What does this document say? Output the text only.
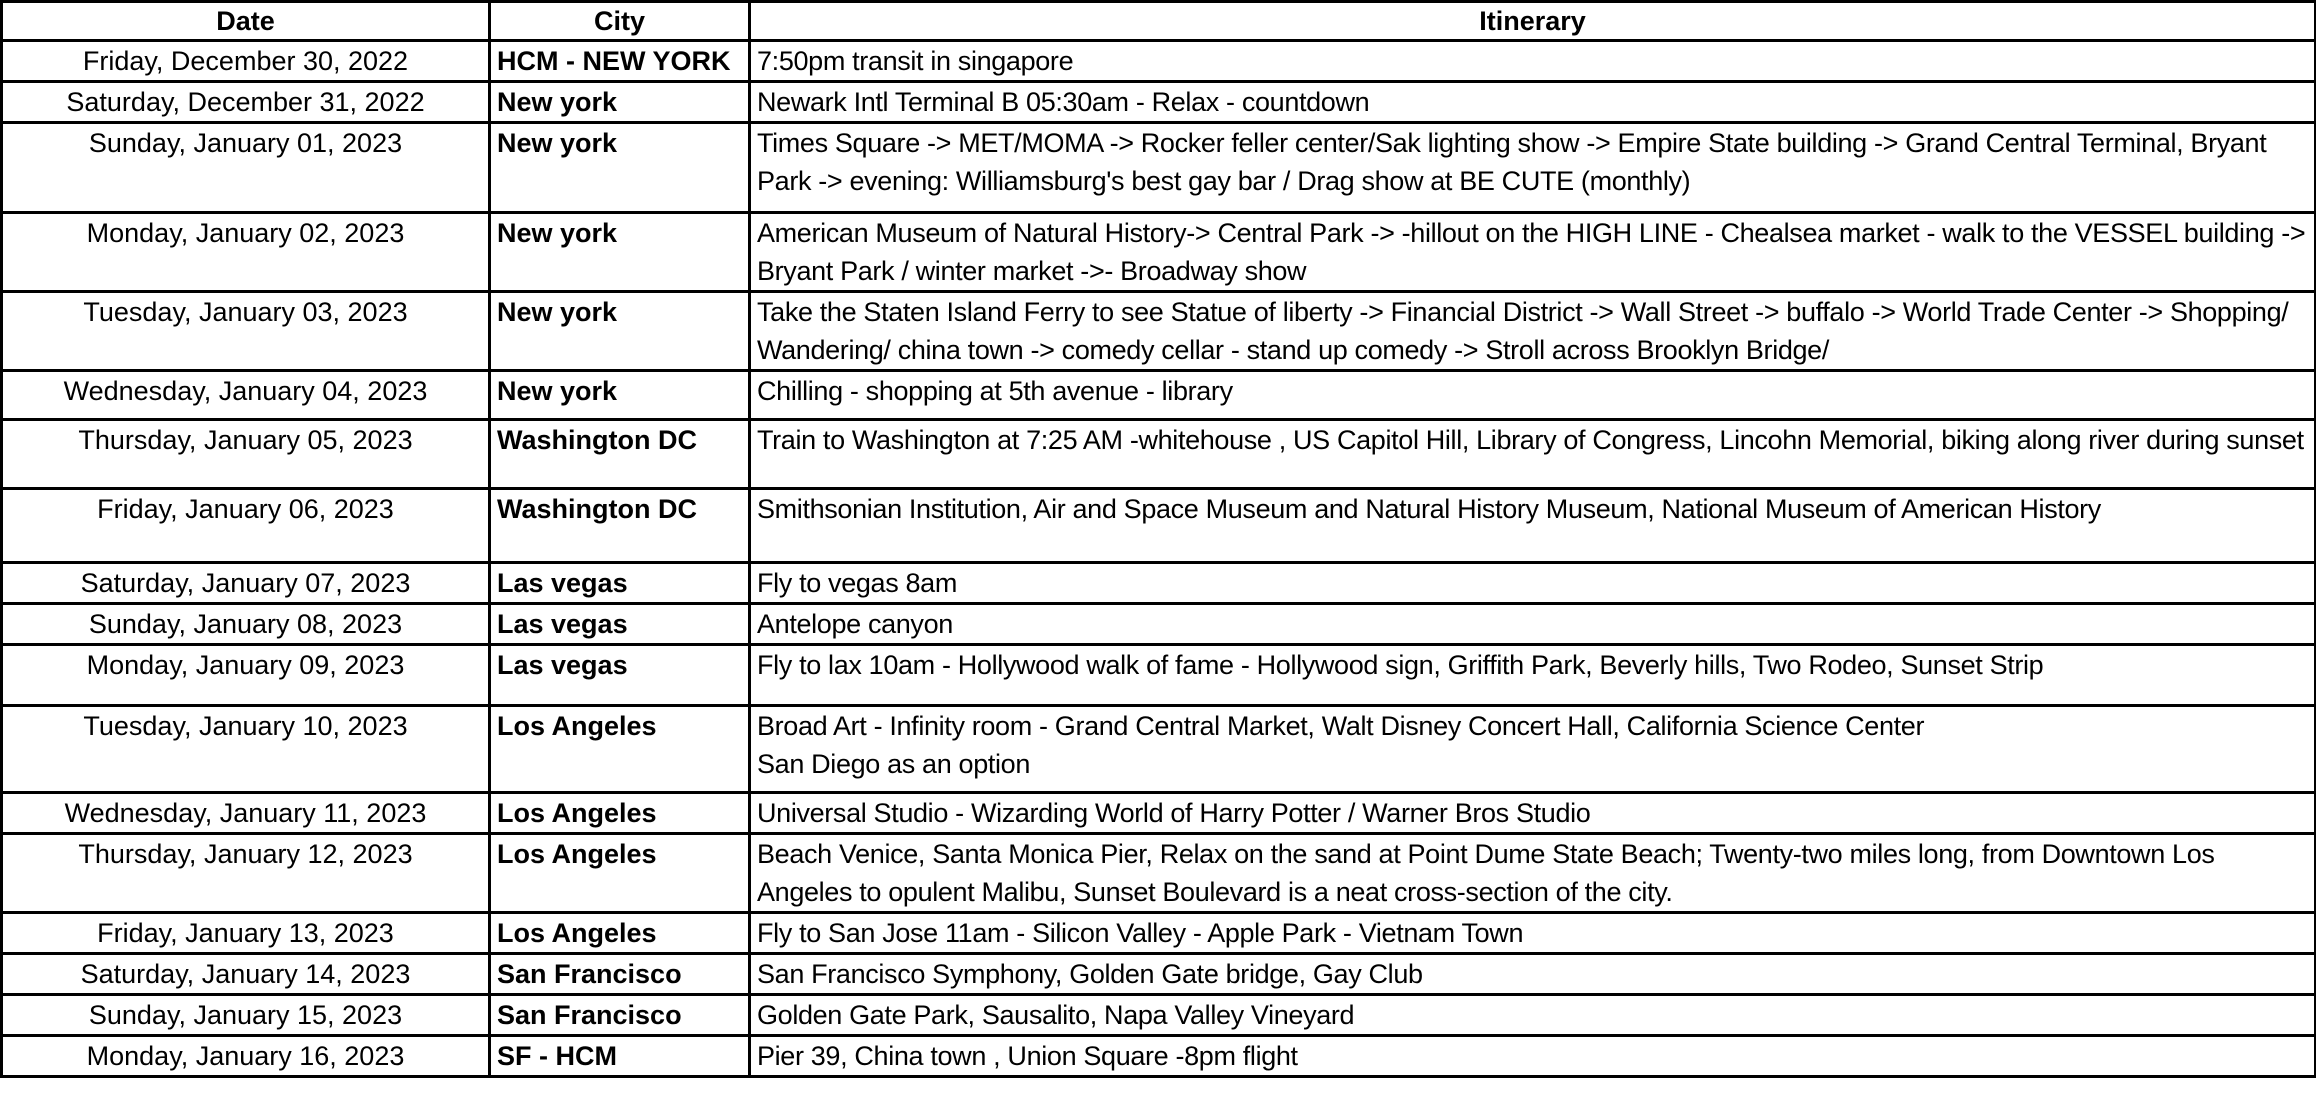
Date	City	Itinerary
Friday, December 30, 2022	HCM - NEW YORK	7:50pm transit in singapore

Saturday, December 31, 2022	New york	Newark Intl Terminal B 05:30am - Relax - countdown

Sunday, January 01, 2023	New york	Times Square -> MET/MOMA -> Rocker feller center/Sak lighting show -> Empire State building -> Grand Central Terminal, Bryant Park -> evening: Williamsburg's best gay bar / Drag show at BE CUTE (monthly)

Monday, January 02, 2023	New york	American Museum of Natural History-> Central Park -> -hillout on the HIGH LINE - Chealsea market - walk to the VESSEL building -> Bryant Park / winter market ->- Broadway show

Tuesday, January 03, 2023	New york	Take the Staten Island Ferry to see Statue of liberty -> Financial District -> Wall Street -> buffalo -> World Trade Center -> Shopping/ Wandering/ china town -> comedy cellar - stand up comedy -> Stroll across Brooklyn Bridge/

Wednesday, January 04, 2023	New york	Chilling - shopping at 5th avenue - library

Thursday, January 05, 2023	Washington DC	Train to Washington at 7:25 AM -whitehouse , US Capitol Hill, Library of Congress, Lincohn Memorial, biking along river during sunset

Friday, January 06, 2023	Washington DC	Smithsonian Institution, Air and Space Museum and Natural History Museum, National Museum of American History

Saturday, January 07, 2023	Las vegas	Fly to vegas 8am

Sunday, January 08, 2023	Las vegas	Antelope canyon

Monday, January 09, 2023	Las vegas	Fly to lax 10am - Hollywood walk of fame - Hollywood sign, Griffith Park, Beverly hills, Two Rodeo, Sunset Strip

Tuesday, January 10, 2023	Los Angeles	Broad Art - Infinity room - Grand Central Market, Walt Disney Concert Hall, California Science Center
San Diego as an option

Wednesday, January 11, 2023	Los Angeles	Universal Studio - Wizarding World of Harry Potter / Warner Bros Studio

Thursday, January 12, 2023	Los Angeles	Beach Venice, Santa Monica Pier, Relax on the sand at Point Dume State Beach; Twenty-two miles long, from Downtown Los Angeles to opulent Malibu, Sunset Boulevard is a neat cross-section of the city.

Friday, January 13, 2023	Los Angeles	Fly to San Jose 11am - Silicon Valley - Apple Park - Vietnam Town

Saturday, January 14, 2023	San Francisco	San Francisco Symphony, Golden Gate bridge, Gay Club

Sunday, January 15, 2023	San Francisco	Golden Gate Park, Sausalito, Napa Valley Vineyard

Monday, January 16, 2023	SF - HCM	Pier 39, China town , Union Square -8pm flight
